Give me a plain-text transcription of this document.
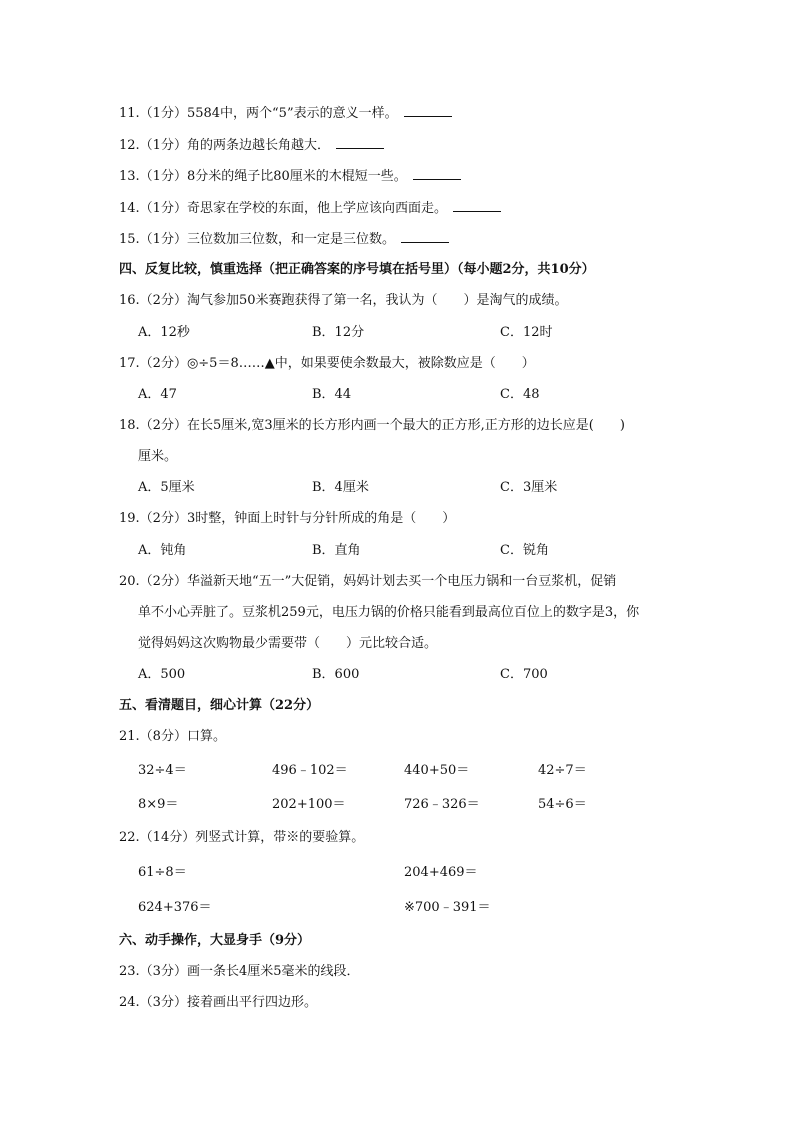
11.（1分）5584中，两个“5”表示的意义一样。
12.（1分）角的两条边越长角越大．
13.（1分）8分米的绳子比80厘米的木棍短一些。
14.（1分）奇思家在学校的东面，他上学应该向西面走。
15.（1分）三位数加三位数，和一定是三位数。
四、反复比较，慎重选择（把正确答案的序号填在括号里）（每小题2分，共10分）
16.（2分）淘气参加50米赛跑获得了第一名，我认为（　　）是淘气的成绩。
A．12秒	B．12分	C．12时
17.（2分）◎÷5＝8……▲中，如果要使余数最大，被除数应是（　　）
A．47	B．44	C．48
18.（2分）在长5厘米,宽3厘米的长方形内画一个最大的正方形,正方形的边长应是(　　)
厘米。
A．5厘米	B．4厘米	C．3厘米
19.（2分）3时整，钟面上时针与分针所成的角是（　　）
A．钝角	B．直角	C．锐角
20.（2分）华溢新天地“五一”大促销，妈妈计划去买一个电压力锅和一台豆浆机，促销
单不小心弄脏了。豆浆机259元，电压力锅的价格只能看到最高位百位上的数字是3，你
觉得妈妈这次购物最少需要带（　　）元比较合适。
A．500	B．600	C．700
五、看清题目，细心计算（22分）
21.（8分）口算。
32÷4＝	496﹣102＝	440+50＝	42÷7＝
8×9＝	202+100＝	726﹣326＝	54÷6＝
22.（14分）列竖式计算，带※的要验算。
61÷8＝	204+469＝
624+376＝	※700﹣391＝
六、动手操作，大显身手（9分）
23.（3分）画一条长4厘米5毫米的线段．
24.（3分）接着画出平行四边形。
